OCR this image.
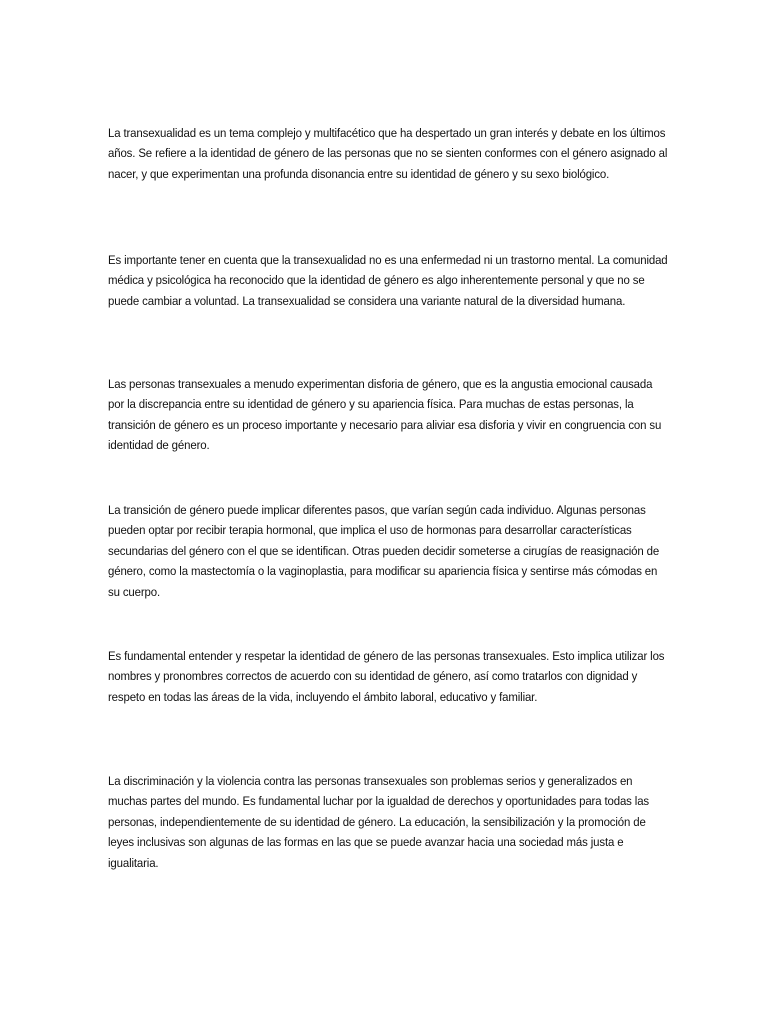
La transexualidad es un tema complejo y multifacético que ha despertado un gran interés y debate en los últimos años. Se refiere a la identidad de género de las personas que no se sienten conformes con el género asignado al nacer, y que experimentan una profunda disonancia entre su identidad de género y su sexo biológico.

Es importante tener en cuenta que la transexualidad no es una enfermedad ni un trastorno mental. La comunidad médica y psicológica ha reconocido que la identidad de género es algo inherentemente personal y que no se puede cambiar a voluntad. La transexualidad se considera una variante natural de la diversidad humana.

Las personas transexuales a menudo experimentan disforia de género, que es la angustia emocional causada por la discrepancia entre su identidad de género y su apariencia física. Para muchas de estas personas, la transición de género es un proceso importante y necesario para aliviar esa disforia y vivir en congruencia con su identidad de género.

La transición de género puede implicar diferentes pasos, que varían según cada individuo. Algunas personas pueden optar por recibir terapia hormonal, que implica el uso de hormonas para desarrollar características secundarias del género con el que se identifican. Otras pueden decidir someterse a cirugías de reasignación de género, como la mastectomía o la vaginoplastia, para modificar su apariencia física y sentirse más cómodas en su cuerpo.

Es fundamental entender y respetar la identidad de género de las personas transexuales. Esto implica utilizar los nombres y pronombres correctos de acuerdo con su identidad de género, así como tratarlos con dignidad y respeto en todas las áreas de la vida, incluyendo el ámbito laboral, educativo y familiar.

La discriminación y la violencia contra las personas transexuales son problemas serios y generalizados en muchas partes del mundo. Es fundamental luchar por la igualdad de derechos y oportunidades para todas las personas, independientemente de su identidad de género. La educación, la sensibilización y la promoción de leyes inclusivas son algunas de las formas en las que se puede avanzar hacia una sociedad más justa e igualitaria.
